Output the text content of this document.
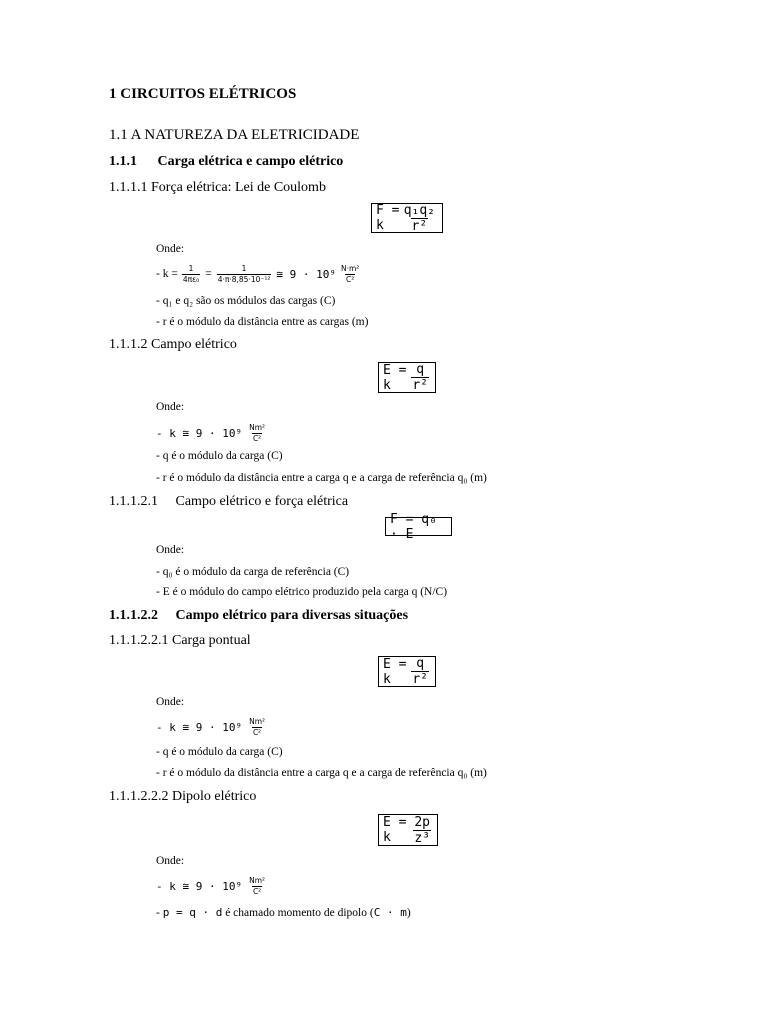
1 CIRCUITOS ELÉTRICOS
1.1 A NATUREZA DA ELETRICIDADE
1.1.1 Carga elétrica e campo elétrico
1.1.1.1 Força elétrica: Lei de Coulomb
F = k	$\frac{\text{q₁q₂}}{\text{r²}}$
Onde:
- $k = \frac{1}{\text{4πε₀}} = \frac{1}{\text{4·π·8,85·10⁻¹²}}$ ≅ $9 \cdot 10^9 \frac{\text{N·m²}}{\text{C²}}$
- q₁ e q₂ são os módulos das cargas (C)
- r é o módulo da distância entre as cargas (m)
1.1.1.2 Campo elétrico
E = k	$\frac{q}{\text{r²}}$
Onde:
- k ≅ $9 \cdot 10^9 \frac{\text{Nm²}}{\text{C²}}$
- q é o módulo da carga (C)
- r é o módulo da distância entre a carga q e a carga de referência q₀ (m)
1.1.1.2.1 Campo elétrico e força elétrica
F = q₀ · E
Onde:
- q₀ é o módulo da carga de referência (C)
- E é o módulo do campo elétrico produzido pela carga q (N/C)
1.1.1.2.2 Campo elétrico para diversas situações
1.1.1.2.2.1 Carga pontual
E = k	$\frac{q}{\text{r²}}$
Onde:
- k ≅ $9 \cdot 10^9 \frac{\text{Nm²}}{\text{C²}}$
- q é o módulo da carga (C)
- r é o módulo da distância entre a carga q e a carga de referência q₀ (m)
1.1.1.2.2.2 Dipolo elétrico
E = k	$\frac{2p}{\text{z³}}$
Onde:
- k ≅ $9 \cdot 10^9 \frac{\text{Nm²}}{\text{C²}}$
- p = q · d é chamado momento de dipolo (C · m)
